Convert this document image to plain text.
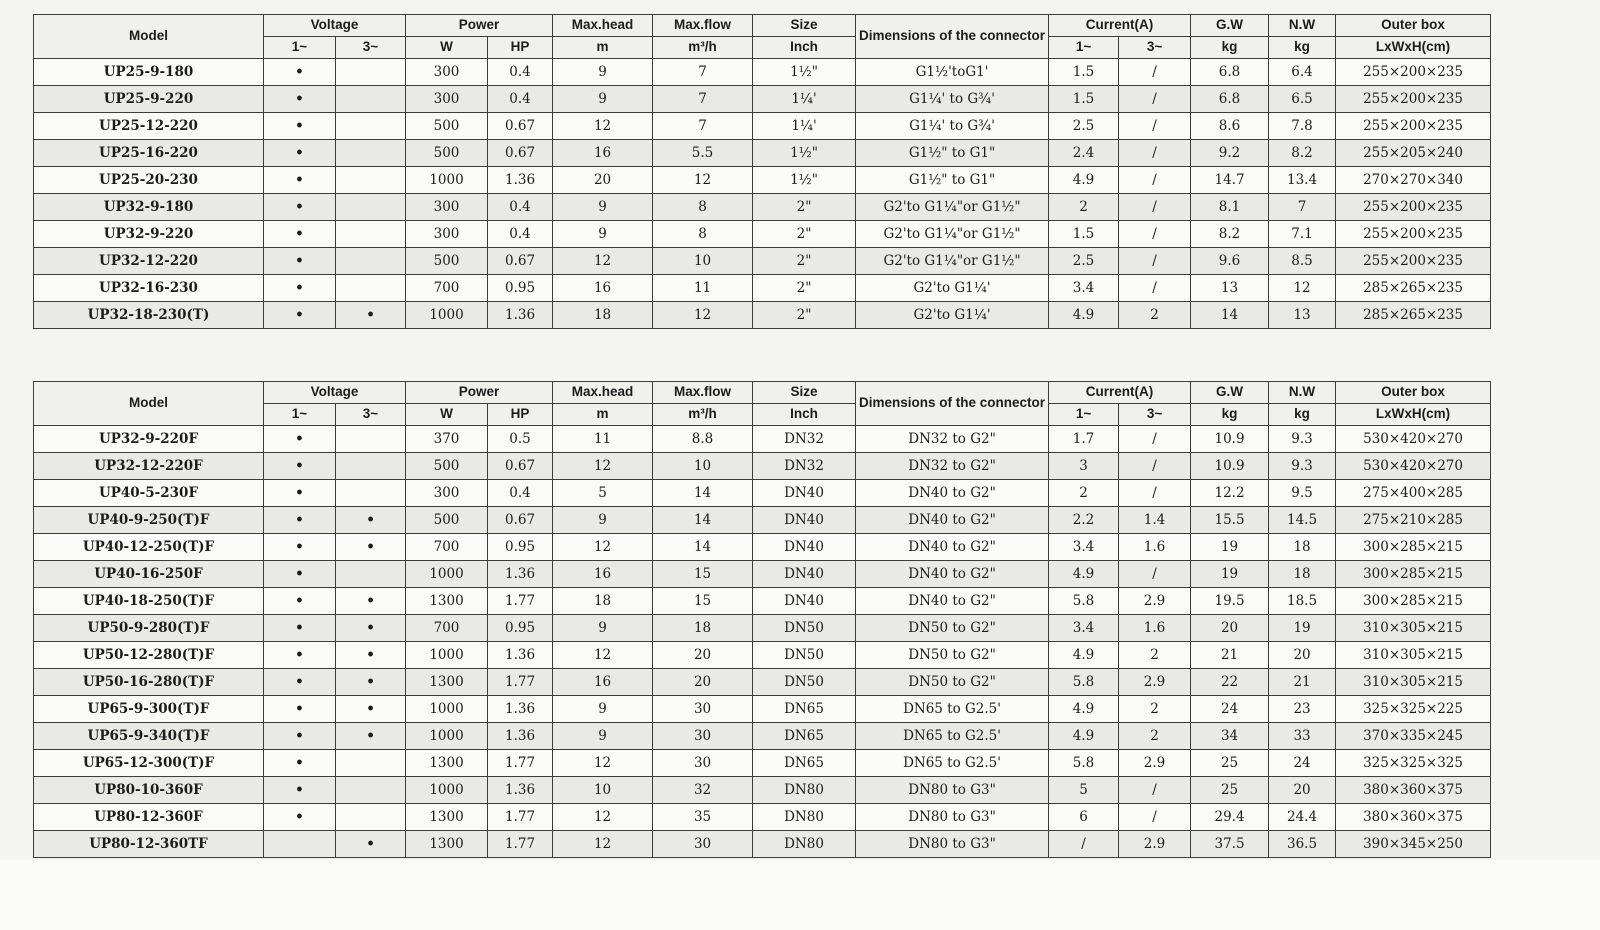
Model	Voltage		Power		Max.head	Max.flow	Size	Dimensions of the connector	Current(A)		G.W	N.W	Outer box
	1~	3~	W	HP	m	m³/h	Inch		1~	3~	kg	kg	LxWxH(cm)
UP25-9-180	•		300	0.4	9	7	1½"	G1½'toG1'	1.5	/	6.8	6.4	255×200×235
UP25-9-220	•		300	0.4	9	7	1¼'	G1¼' to G¾'	1.5	/	6.8	6.5	255×200×235
UP25-12-220	•		500	0.67	12	7	1¼'	G1¼' to G¾'	2.5	/	8.6	7.8	255×200×235
UP25-16-220	•		500	0.67	16	5.5	1½"	G1½" to G1"	2.4	/	9.2	8.2	255×205×240
UP25-20-230	•		1000	1.36	20	12	1½"	G1½" to G1"	4.9	/	14.7	13.4	270×270×340
UP32-9-180	•		300	0.4	9	8	2"	G2'to G1¼"or G1½"	2	/	8.1	7	255×200×235
UP32-9-220	•		300	0.4	9	8	2"	G2'to G1¼"or G1½"	1.5	/	8.2	7.1	255×200×235
UP32-12-220	•		500	0.67	12	10	2"	G2'to G1¼"or G1½"	2.5	/	9.6	8.5	255×200×235
UP32-16-230	•		700	0.95	16	11	2"	G2'to G1¼'	3.4	/	13	12	285×265×235
UP32-18-230(T)	•	•	1000	1.36	18	12	2"	G2'to G1¼'	4.9	2	14	13	285×265×235
Model	Voltage		Power		Max.head	Max.flow	Size	Dimensions of the connector	Current(A)		G.W	N.W	Outer box
	1~	3~	W	HP	m	m³/h	Inch		1~	3~	kg	kg	LxWxH(cm)
UP32-9-220F	•		370	0.5	11	8.8	DN32	DN32 to G2"	1.7	/	10.9	9.3	530×420×270
UP32-12-220F	•		500	0.67	12	10	DN32	DN32 to G2"	3	/	10.9	9.3	530×420×270
UP40-5-230F	•		300	0.4	5	14	DN40	DN40 to G2"	2	/	12.2	9.5	275×400×285
UP40-9-250(T)F	•	•	500	0.67	9	14	DN40	DN40 to G2"	2.2	1.4	15.5	14.5	275×210×285
UP40-12-250(T)F	•	•	700	0.95	12	14	DN40	DN40 to G2"	3.4	1.6	19	18	300×285×215
UP40-16-250F	•		1000	1.36	16	15	DN40	DN40 to G2"	4.9	/	19	18	300×285×215
UP40-18-250(T)F	•	•	1300	1.77	18	15	DN40	DN40 to G2"	5.8	2.9	19.5	18.5	300×285×215
UP50-9-280(T)F	•	•	700	0.95	9	18	DN50	DN50 to G2"	3.4	1.6	20	19	310×305×215
UP50-12-280(T)F	•	•	1000	1.36	12	20	DN50	DN50 to G2"	4.9	2	21	20	310×305×215
UP50-16-280(T)F	•	•	1300	1.77	16	20	DN50	DN50 to G2"	5.8	2.9	22	21	310×305×215
UP65-9-300(T)F	•	•	1000	1.36	9	30	DN65	DN65 to G2.5'	4.9	2	24	23	325×325×225
UP65-9-340(T)F	•	•	1000	1.36	9	30	DN65	DN65 to G2.5'	4.9	2	34	33	370×335×245
UP65-12-300(T)F	•		1300	1.77	12	30	DN65	DN65 to G2.5'	5.8	2.9	25	24	325×325×325
UP80-10-360F	•		1000	1.36	10	32	DN80	DN80 to G3"	5	/	25	20	380×360×375
UP80-12-360F	•		1300	1.77	12	35	DN80	DN80 to G3"	6	/	29.4	24.4	380×360×375
UP80-12-360TF		•	1300	1.77	12	30	DN80	DN80 to G3"	/	2.9	37.5	36.5	390×345×250
